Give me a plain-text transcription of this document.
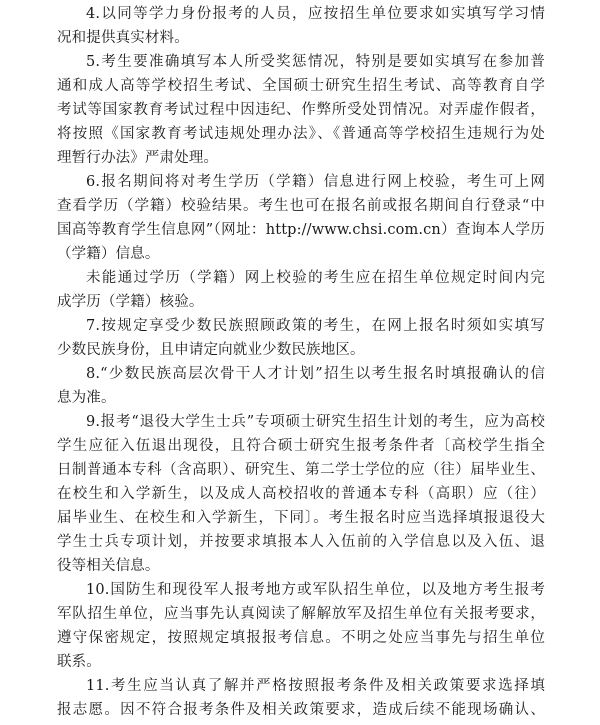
4.以同等学力身份报考的人员，应按招生单位要求如实填写学习情
况和提供真实材料。
5.考生要准确填写本人所受奖惩情况，特别是要如实填写在参加普
通和成人高等学校招生考试、全国硕士研究生招生考试、高等教育自学
考试等国家教育考试过程中因违纪、作弊所受处罚情况。对弄虚作假者，
将按照《国家教育考试违规处理办法》、《普通高等学校招生违规行为处
理暂行办法》严肃处理。
6.报名期间将对考生学历（学籍）信息进行网上校验，考生可上网
查看学历（学籍）校验结果。考生也可在报名前或报名期间自行登录“中
国高等教育学生信息网”（网址：http://www.chsi.com.cn）查询本人学历
（学籍）信息。
未能通过学历（学籍）网上校验的考生应在招生单位规定时间内完
成学历（学籍）核验。
7.按规定享受少数民族照顾政策的考生，在网上报名时须如实填写
少数民族身份，且申请定向就业少数民族地区。
8.“少数民族高层次骨干人才计划”招生以考生报名时填报确认的信
息为准。
9.报考“退役大学生士兵”专项硕士研究生招生计划的考生，应为高校
学生应征入伍退出现役，且符合硕士研究生报考条件者〔高校学生指全
日制普通本专科（含高职）、研究生、第二学士学位的应（往）届毕业生、
在校生和入学新生，以及成人高校招收的普通本专科（高职）应（往）
届毕业生、在校生和入学新生，下同〕。考生报名时应当选择填报退役大
学生士兵专项计划，并按要求填报本人入伍前的入学信息以及入伍、退
役等相关信息。
10.国防生和现役军人报考地方或军队招生单位，以及地方考生报考
军队招生单位，应当事先认真阅读了解解放军及招生单位有关报考要求，
遵守保密规定，按照规定填报报考信息。不明之处应当事先与招生单位
联系。
11.考生应当认真了解并严格按照报考条件及相关政策要求选择填
报志愿。因不符合报考条件及相关政策要求，造成后续不能现场确认、
